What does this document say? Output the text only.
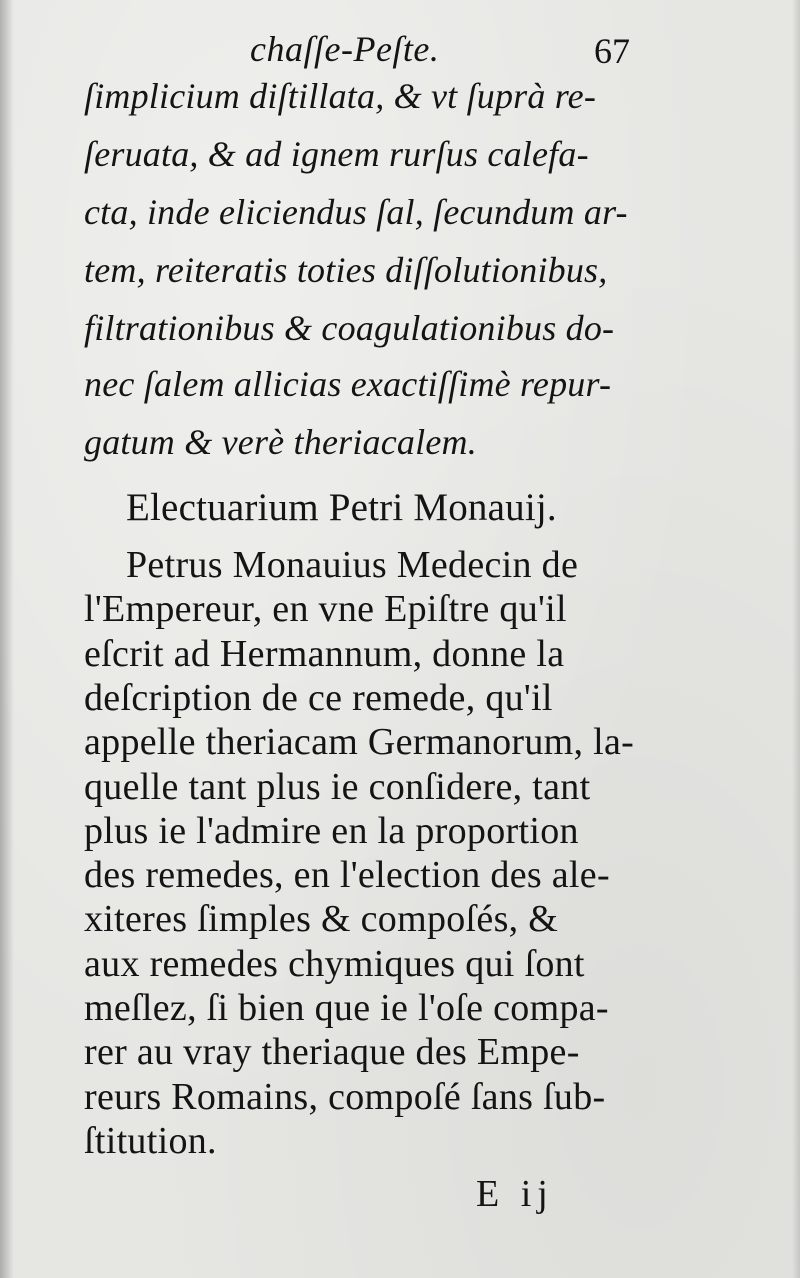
chaſſe-Peſte.	67
ſimplicium diſtillata, & vt ſuprà re-
ſeruata, & ad ignem rurſus calefa-
cta, inde eliciendus ſal, ſecundum ar-
tem, reiteratis toties diſſolutionibus,
filtrationibus & coagulationibus do-
nec ſalem allicias exactiſſimè repur-
gatum & verè theriacalem.
Electuarium Petri Monauij.
Petrus Monauius Medecin de
l'Empereur, en vne Epiſtre qu'il
eſcrit ad Hermannum, donne la
deſcription de ce remede, qu'il
appelle theriacam Germanorum, la-
quelle tant plus ie conſidere, tant
plus ie l'admire en la proportion
des remedes, en l'election des ale-
xiteres ſimples & compoſés, &
aux remedes chymiques qui ſont
meſlez, ſi bien que ie l'oſe compa-
rer au vray theriaque des Empe-
reurs Romains, compoſé ſans ſub-
ſtitution.
E ij
